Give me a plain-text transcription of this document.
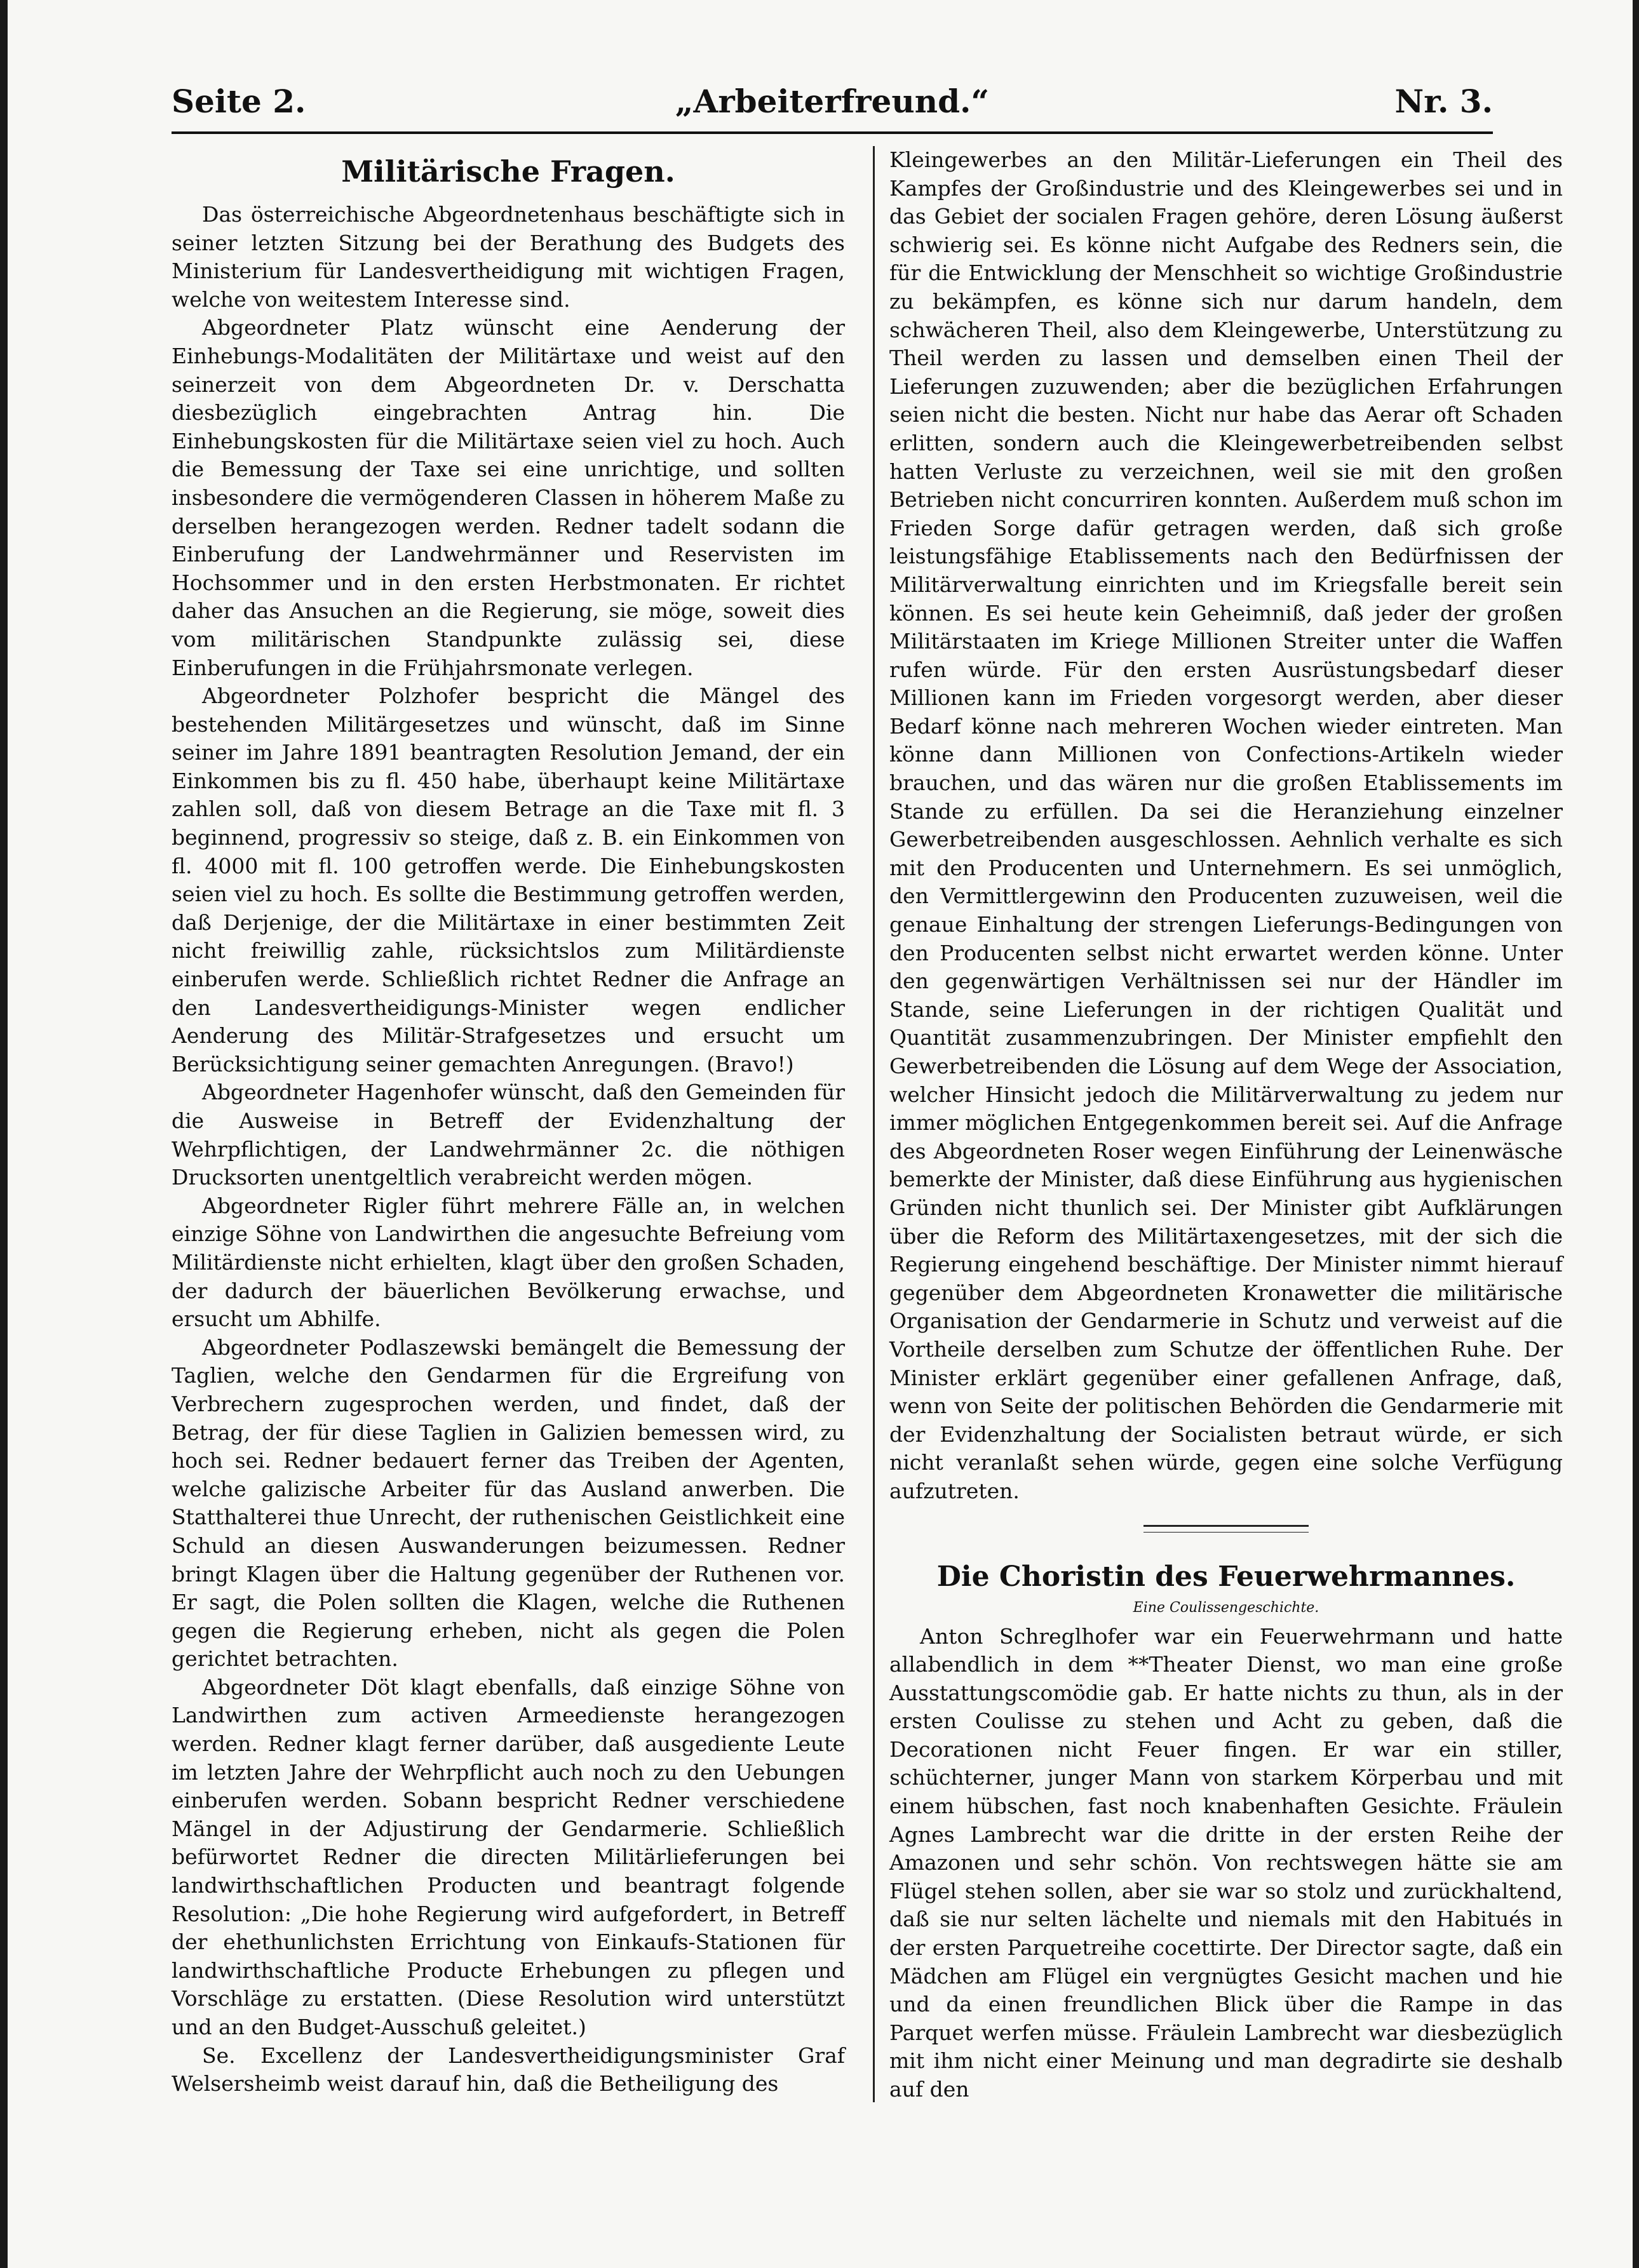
Seite 2.	„Arbeiterfreund.“	Nr. 3.
Militärische Fragen.

Das österreichische Abgeordnetenhaus beschäftigte sich in seiner letzten Sitzung bei der Berathung des Budgets des Ministerium für Landesvertheidigung mit wichtigen Fragen, welche von weitestem Interesse sind.

Abgeordneter Platz wünscht eine Aenderung der Einhebungs-Modalitäten der Militärtaxe und weist auf den seinerzeit von dem Abgeordneten Dr. v. Derschatta diesbezüglich eingebrachten Antrag hin. Die Einhebungskosten für die Militärtaxe seien viel zu hoch. Auch die Bemessung der Taxe sei eine unrichtige, und sollten insbesondere die vermögenderen Classen in höherem Maße zu derselben herangezogen werden. Redner tadelt sodann die Einberufung der Landwehrmänner und Reservisten im Hochsommer und in den ersten Herbstmonaten. Er richtet daher das Ansuchen an die Regierung, sie möge, soweit dies vom militärischen Standpunkte zulässig sei, diese Einberufungen in die Frühjahrsmonate verlegen.

Abgeordneter Polzhofer bespricht die Mängel des bestehenden Militärgesetzes und wünscht, daß im Sinne seiner im Jahre 1891 beantragten Resolution Jemand, der ein Einkommen bis zu fl. 450 habe, überhaupt keine Militärtaxe zahlen soll, daß von diesem Betrage an die Taxe mit fl. 3 beginnend, progressiv so steige, daß z. B. ein Einkommen von fl. 4000 mit fl. 100 getroffen werde. Die Einhebungskosten seien viel zu hoch. Es sollte die Bestimmung getroffen werden, daß Derjenige, der die Militärtaxe in einer bestimmten Zeit nicht freiwillig zahle, rücksichtslos zum Militärdienste einberufen werde. Schließlich richtet Redner die Anfrage an den Landesvertheidigungs-Minister wegen endlicher Aenderung des Militär-Strafgesetzes und ersucht um Berücksichtigung seiner gemachten Anregungen. (Bravo!)

Abgeordneter Hagenhofer wünscht, daß den Gemeinden für die Ausweise in Betreff der Evidenzhaltung der Wehrpflichtigen, der Landwehrmänner 2c. die nöthigen Drucksorten unentgeltlich verabreicht werden mögen.

Abgeordneter Rigler führt mehrere Fälle an, in welchen einzige Söhne von Landwirthen die angesuchte Befreiung vom Militärdienste nicht erhielten, klagt über den großen Schaden, der dadurch der bäuerlichen Bevölkerung erwachse, und ersucht um Abhilfe.

Abgeordneter Podlaszewski bemängelt die Bemessung der Taglien, welche den Gendarmen für die Ergreifung von Verbrechern zugesprochen werden, und findet, daß der Betrag, der für diese Taglien in Galizien bemessen wird, zu hoch sei. Redner bedauert ferner das Treiben der Agenten, welche galizische Arbeiter für das Ausland anwerben. Die Statthalterei thue Unrecht, der ruthenischen Geistlichkeit eine Schuld an diesen Auswanderungen beizumessen. Redner bringt Klagen über die Haltung gegenüber der Ruthenen vor. Er sagt, die Polen sollten die Klagen, welche die Ruthenen gegen die Regierung erheben, nicht als gegen die Polen gerichtet betrachten.

Abgeordneter Döt klagt ebenfalls, daß einzige Söhne von Landwirthen zum activen Armeedienste herangezogen werden. Redner klagt ferner darüber, daß ausgediente Leute im letzten Jahre der Wehrpflicht auch noch zu den Uebungen einberufen werden. Sobann bespricht Redner verschiedene Mängel in der Adjustirung der Gendarmerie. Schließlich befürwortet Redner die directen Militärlieferungen bei landwirthschaftlichen Producten und beantragt folgende Resolution: „Die hohe Regierung wird aufgefordert, in Betreff der ehethunlichsten Errichtung von Einkaufs-Stationen für landwirthschaftliche Producte Erhebungen zu pflegen und Vorschläge zu erstatten. (Diese Resolution wird unterstützt und an den Budget-Ausschuß geleitet.)

Se. Excellenz der Landesvertheidigungsminister Graf Welsersheimb weist darauf hin, daß die Betheiligung des

Kleingewerbes an den Militär-Lieferungen ein Theil des Kampfes der Großindustrie und des Kleingewerbes sei und in das Gebiet der socialen Fragen gehöre, deren Lösung äußerst schwierig sei. Es könne nicht Aufgabe des Redners sein, die für die Entwicklung der Menschheit so wichtige Großindustrie zu bekämpfen, es könne sich nur darum handeln, dem schwächeren Theil, also dem Kleingewerbe, Unterstützung zu Theil werden zu lassen und demselben einen Theil der Lieferungen zuzuwenden; aber die bezüglichen Erfahrungen seien nicht die besten. Nicht nur habe das Aerar oft Schaden erlitten, sondern auch die Kleingewerbetreibenden selbst hatten Verluste zu verzeichnen, weil sie mit den großen Betrieben nicht concurriren konnten. Außerdem muß schon im Frieden Sorge dafür getragen werden, daß sich große leistungsfähige Etablissements nach den Bedürfnissen der Militärverwaltung einrichten und im Kriegsfalle bereit sein können. Es sei heute kein Geheimniß, daß jeder der großen Militärstaaten im Kriege Millionen Streiter unter die Waffen rufen würde. Für den ersten Ausrüstungsbedarf dieser Millionen kann im Frieden vorgesorgt werden, aber dieser Bedarf könne nach mehreren Wochen wieder eintreten. Man könne dann Millionen von Confections-Artikeln wieder brauchen, und das wären nur die großen Etablissements im Stande zu erfüllen. Da sei die Heranziehung einzelner Gewerbetreibenden ausgeschlossen. Aehnlich verhalte es sich mit den Producenten und Unternehmern. Es sei unmöglich, den Vermittlergewinn den Producenten zuzuweisen, weil die genaue Einhaltung der strengen Lieferungs-Bedingungen von den Producenten selbst nicht erwartet werden könne. Unter den gegenwärtigen Verhältnissen sei nur der Händler im Stande, seine Lieferungen in der richtigen Qualität und Quantität zusammenzubringen. Der Minister empfiehlt den Gewerbetreibenden die Lösung auf dem Wege der Association, welcher Hinsicht jedoch die Militärverwaltung zu jedem nur immer möglichen Entgegenkommen bereit sei. Auf die Anfrage des Abgeordneten Roser wegen Einführung der Leinenwäsche bemerkte der Minister, daß diese Einführung aus hygienischen Gründen nicht thunlich sei. Der Minister gibt Aufklärungen über die Reform des Militärtaxengesetzes, mit der sich die Regierung eingehend beschäftige. Der Minister nimmt hierauf gegenüber dem Abgeordneten Kronawetter die militärische Organisation der Gendarmerie in Schutz und verweist auf die Vortheile derselben zum Schutze der öffentlichen Ruhe. Der Minister erklärt gegenüber einer gefallenen Anfrage, daß, wenn von Seite der politischen Behörden die Gendarmerie mit der Evidenzhaltung der Socialisten betraut würde, er sich nicht veranlaßt sehen würde, gegen eine solche Verfügung aufzutreten.

Die Choristin des Feuerwehrmannes.
Eine Coulissengeschichte.

Anton Schreglhofer war ein Feuerwehrmann und hatte allabendlich in dem **Theater Dienst, wo man eine große Ausstattungscomödie gab. Er hatte nichts zu thun, als in der ersten Coulisse zu stehen und Acht zu geben, daß die Decorationen nicht Feuer fingen. Er war ein stiller, schüchterner, junger Mann von starkem Körperbau und mit einem hübschen, fast noch knabenhaften Gesichte. Fräulein Agnes Lambrecht war die dritte in der ersten Reihe der Amazonen und sehr schön. Von rechtswegen hätte sie am Flügel stehen sollen, aber sie war so stolz und zurückhaltend, daß sie nur selten lächelte und niemals mit den Habitués in der ersten Parquetreihe cocettirte. Der Director sagte, daß ein Mädchen am Flügel ein vergnügtes Gesicht machen und hie und da einen freundlichen Blick über die Rampe in das Parquet werfen müsse. Fräulein Lambrecht war diesbezüglich mit ihm nicht einer Meinung und man degradirte sie deshalb auf den
